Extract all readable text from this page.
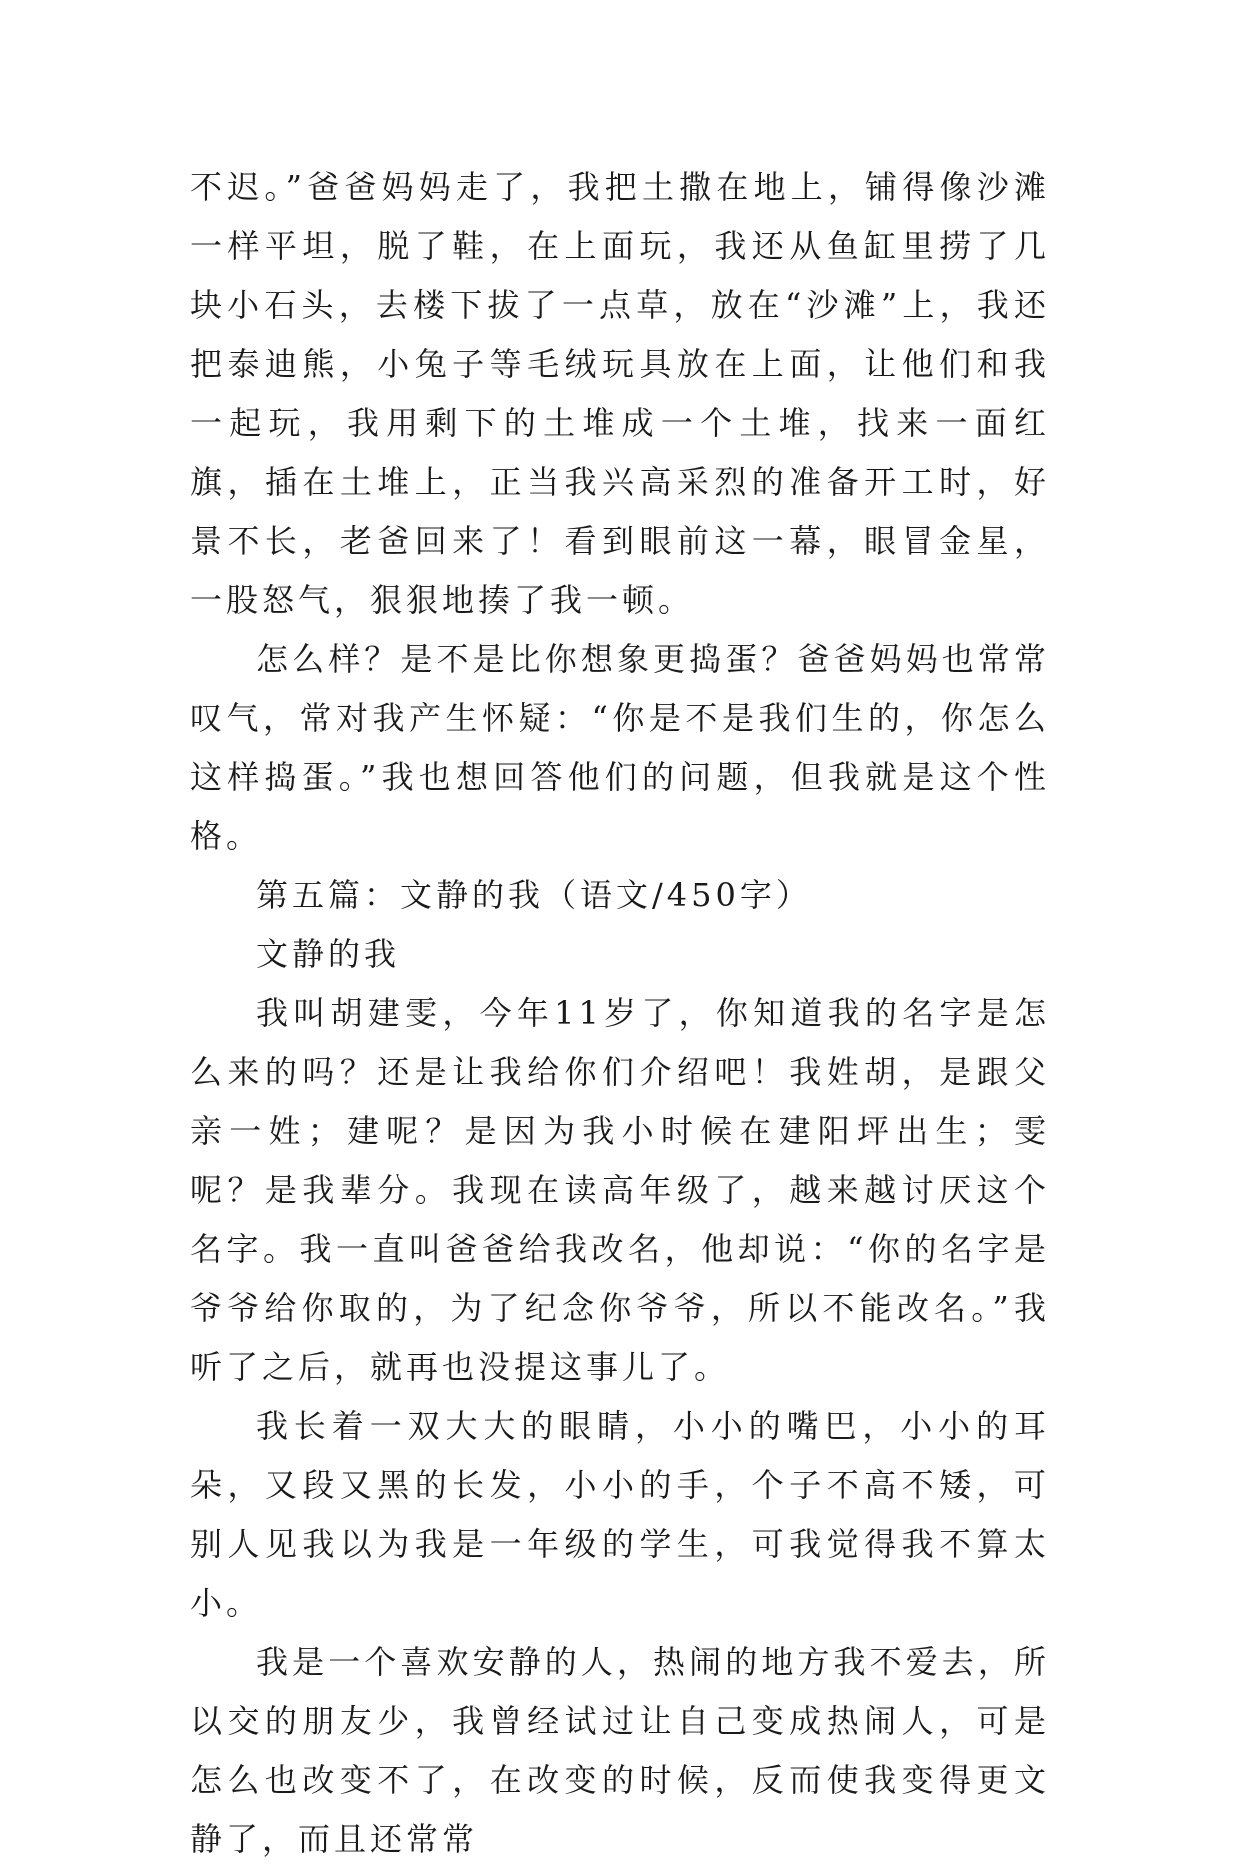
不迟。”爸爸妈妈走了，我把土撒在地上，铺得像沙滩一样平坦，脱了鞋，在上面玩，我还从鱼缸里捞了几块小石头，去楼下拔了一点草，放在“沙滩”上，我还把泰迪熊，小兔子等毛绒玩具放在上面，让他们和我一起玩，我用剩下的土堆成一个土堆，找来一面红旗，插在土堆上，正当我兴高采烈的准备开工时，好景不长，老爸回来了！看到眼前这一幕，眼冒金星，一股怒气，狠狠地揍了我一顿。

怎么样？是不是比你想象更捣蛋？爸爸妈妈也常常叹气，常对我产生怀疑：“你是不是我们生的，你怎么这样捣蛋。”我也想回答他们的问题，但我就是这个性格。

第五篇：文静的我（语文/450字）

文静的我

我叫胡建雯，今年11岁了，你知道我的名字是怎么来的吗？还是让我给你们介绍吧！我姓胡，是跟父亲一姓；建呢？是因为我小时候在建阳坪出生；雯呢？是我辈分。我现在读高年级了，越来越讨厌这个名字。我一直叫爸爸给我改名，他却说：“你的名字是爷爷给你取的，为了纪念你爷爷，所以不能改名。”我听了之后，就再也没提这事儿了。

我长着一双大大的眼睛，小小的嘴巴，小小的耳朵，又段又黑的长发，小小的手，个子不高不矮，可别人见我以为我是一年级的学生，可我觉得我不算太小。

我是一个喜欢安静的人，热闹的地方我不爱去，所以交的朋友少，我曾经试过让自己变成热闹人，可是怎么也改变不了，在改变的时候，反而使我变得更文静了，而且还常常
